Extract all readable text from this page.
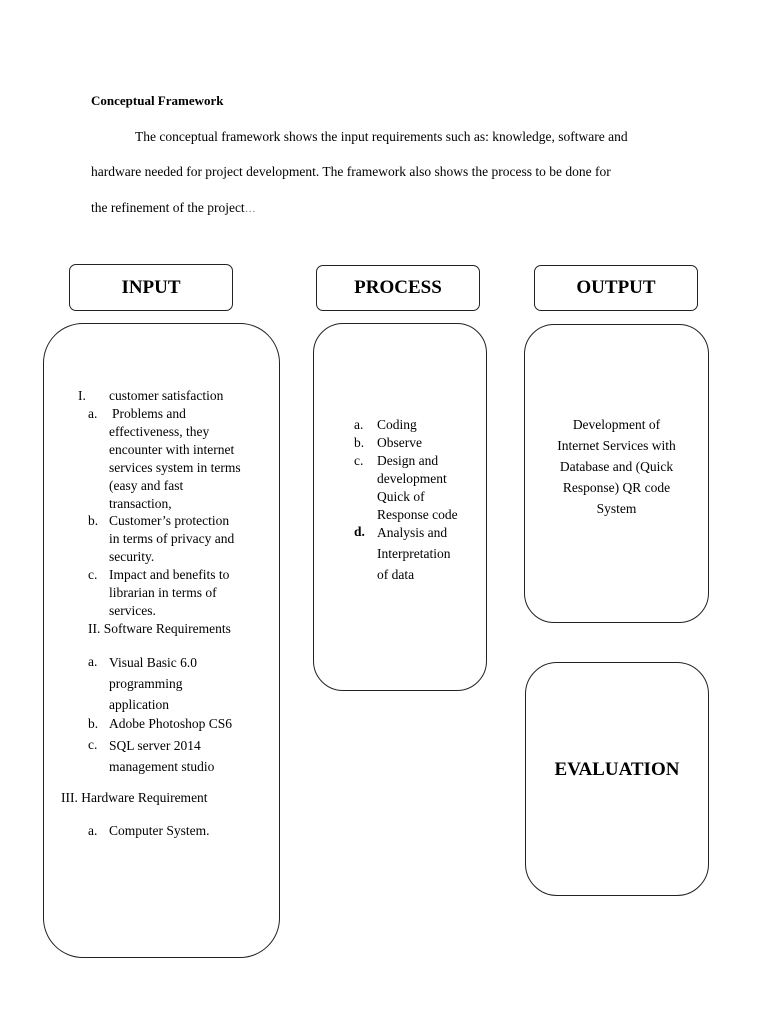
Conceptual Framework
The conceptual framework shows the input requirements such as: knowledge, software and
hardware needed for project development. The framework also shows the process to be done for
the refinement of the project…
INPUT	PROCESS	OUTPUT
I. customer satisfaction
a. Problems and
effectiveness, they
encounter with internet
services system in terms
(easy and fast
transaction,
b. Customer’s protection
in terms of privacy and
security.
c. Impact and benefits to
librarian in terms of
services.
II. Software Requirements
a. Visual Basic 6.0
programming
application
b. Adobe Photoshop CS6
c. SQL server 2014
management studio
III. Hardware Requirement
a. Computer System.
a. Coding
b. Observe
c. Design and
development
Quick of
Response code
d. Analysis and
Interpretation
of data
Development of
Internet Services with
Database and (Quick
Response) QR code
System
EVALUATION
